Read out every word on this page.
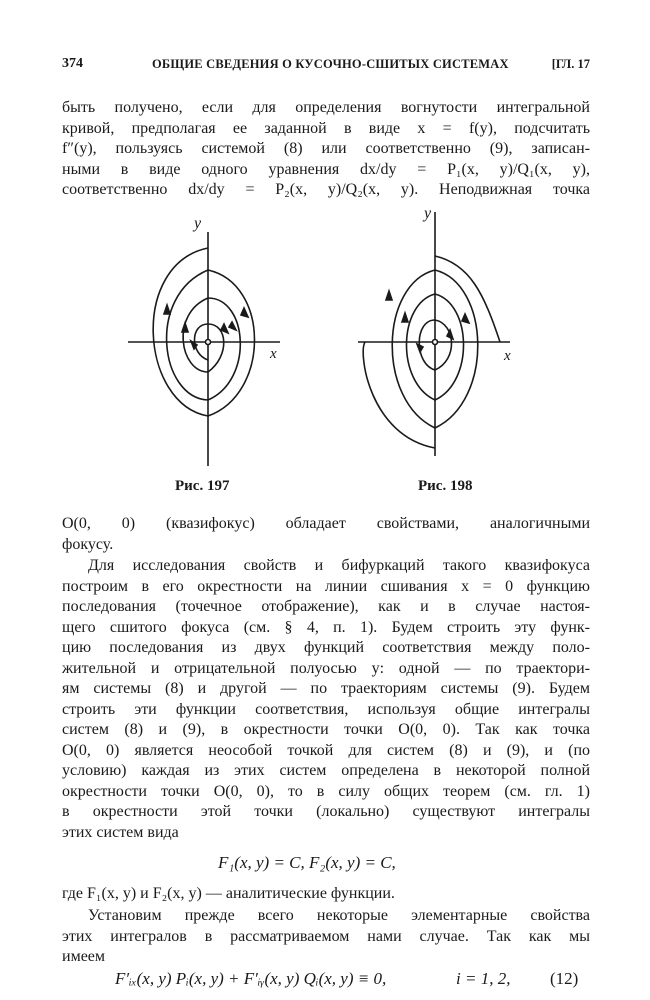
374	ОБЩИЕ СВЕДЕНИЯ О КУСОЧНО-СШИТЫХ СИСТЕМАХ	[ГЛ. 17
быть получено, если для определения вогнутости интегральной
кривой, предполагая ее заданной в виде x = f(y), подсчитать
f″(y), пользуясь системой (8) или соответственно (9), записан-
ными в виде одного уравнения dx/dy = P₁(x, y)/Q₁(x, y),
соответственно dx/dy = P₂(x, y)/Q₂(x, y). Неподвижная точка
y
x
Рис. 197
y
x
Рис. 198
O(0, 0) (квазифокус) обладает свойствами, аналогичными
фокусу.
Для исследования свойств и бифуркаций такого квазифокуса
построим в его окрестности на линии сшивания x = 0 функцию
последования (точечное отображение), как и в случае настоя-
щего сшитого фокуса (см. § 4, п. 1). Будем строить эту функ-
цию последования из двух функций соответствия между поло-
жительной и отрицательной полуосью y: одной — по траектори-
ям системы (8) и другой — по траекториям системы (9). Будем
строить эти функции соответствия, используя общие интегралы
систем (8) и (9), в окрестности точки O(0, 0). Так как точка
O(0, 0) является неособой точкой для систем (8) и (9), и (по
условию) каждая из этих систем определена в некоторой полной
окрестности точки O(0, 0), то в силу общих теорем (см. гл. 1)
в окрестности этой точки (локально) существуют интегралы
этих систем вида
F₁(x, y) = C, F₂(x, y) = C,
где F₁(x, y) и F₂(x, y) — аналитические функции.
Установим прежде всего некоторые элементарные свойства
этих интегралов в рассматриваемом нами случае. Так как мы
имеем
F′ᵢₓ(x, y) Pᵢ(x, y) + F′ᵢᵧ(x, y) Qᵢ(x, y) ≡ 0,	i = 1, 2, (12)
